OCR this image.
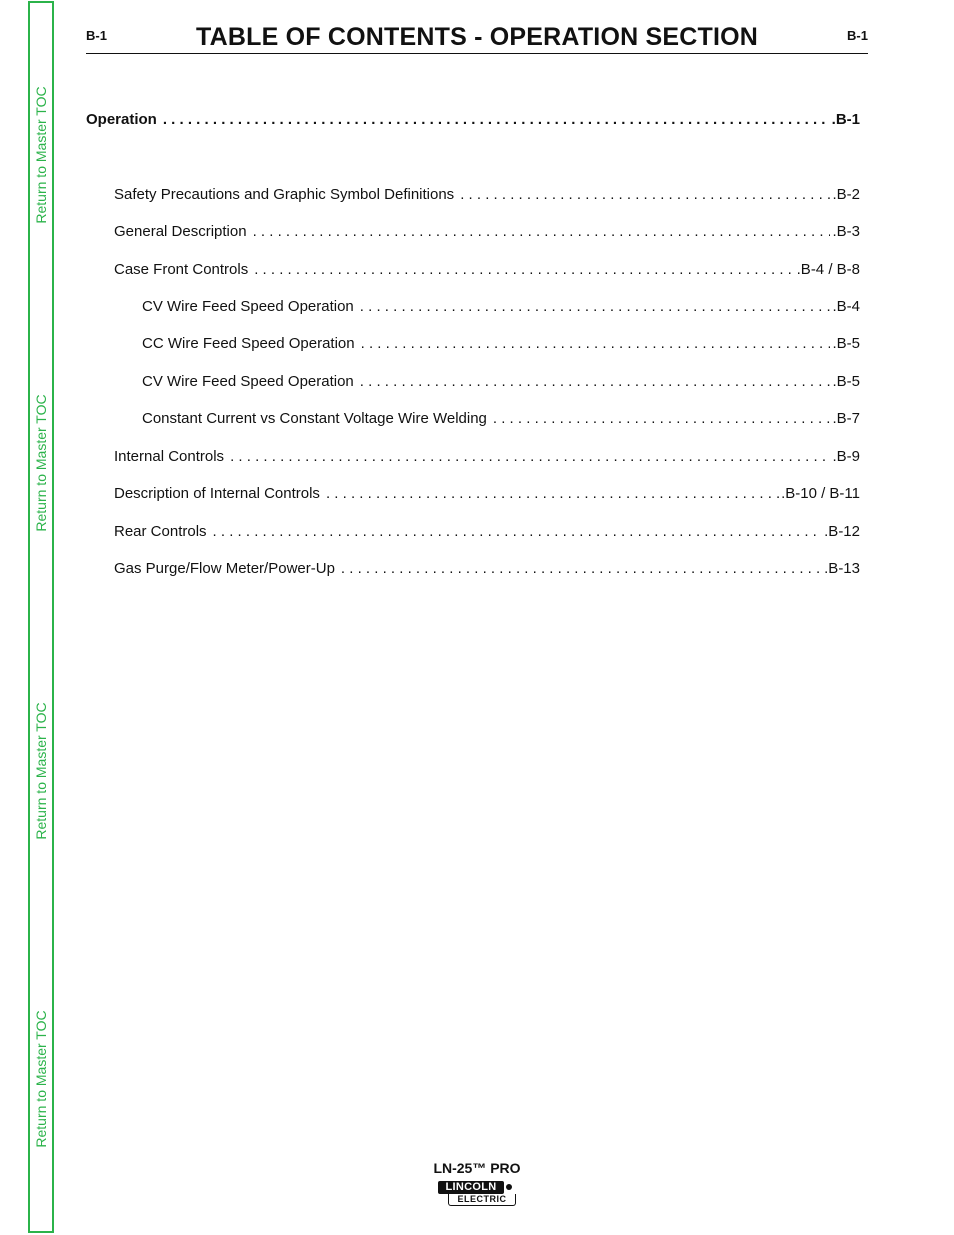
Return to Master TOC
Return to Master TOC
Return to Master TOC
Return to Master TOC
B-1	TABLE OF CONTENTS - OPERATION SECTION	B-1
Operation . . .	.B-1
Safety Precautions and Graphic Symbol Definitions . . .	.B-2
General Description . . .	.B-3
Case Front Controls . . .	.B-4 / B-8
CV Wire Feed Speed Operation . . .	.B-4
CC Wire Feed Speed Operation . . .	.B-5
CV Wire Feed Speed Operation . . .	.B-5
Constant Current vs Constant Voltage Wire Welding . . .	.B-7
Internal Controls . . .	.B-9
Description of Internal Controls . . .	.B-10 / B-11
Rear Controls . . .	.B-12
Gas Purge/Flow Meter/Power-Up . . .	.B-13
LN-25™ PRO
LINCOLN
ELECTRIC
